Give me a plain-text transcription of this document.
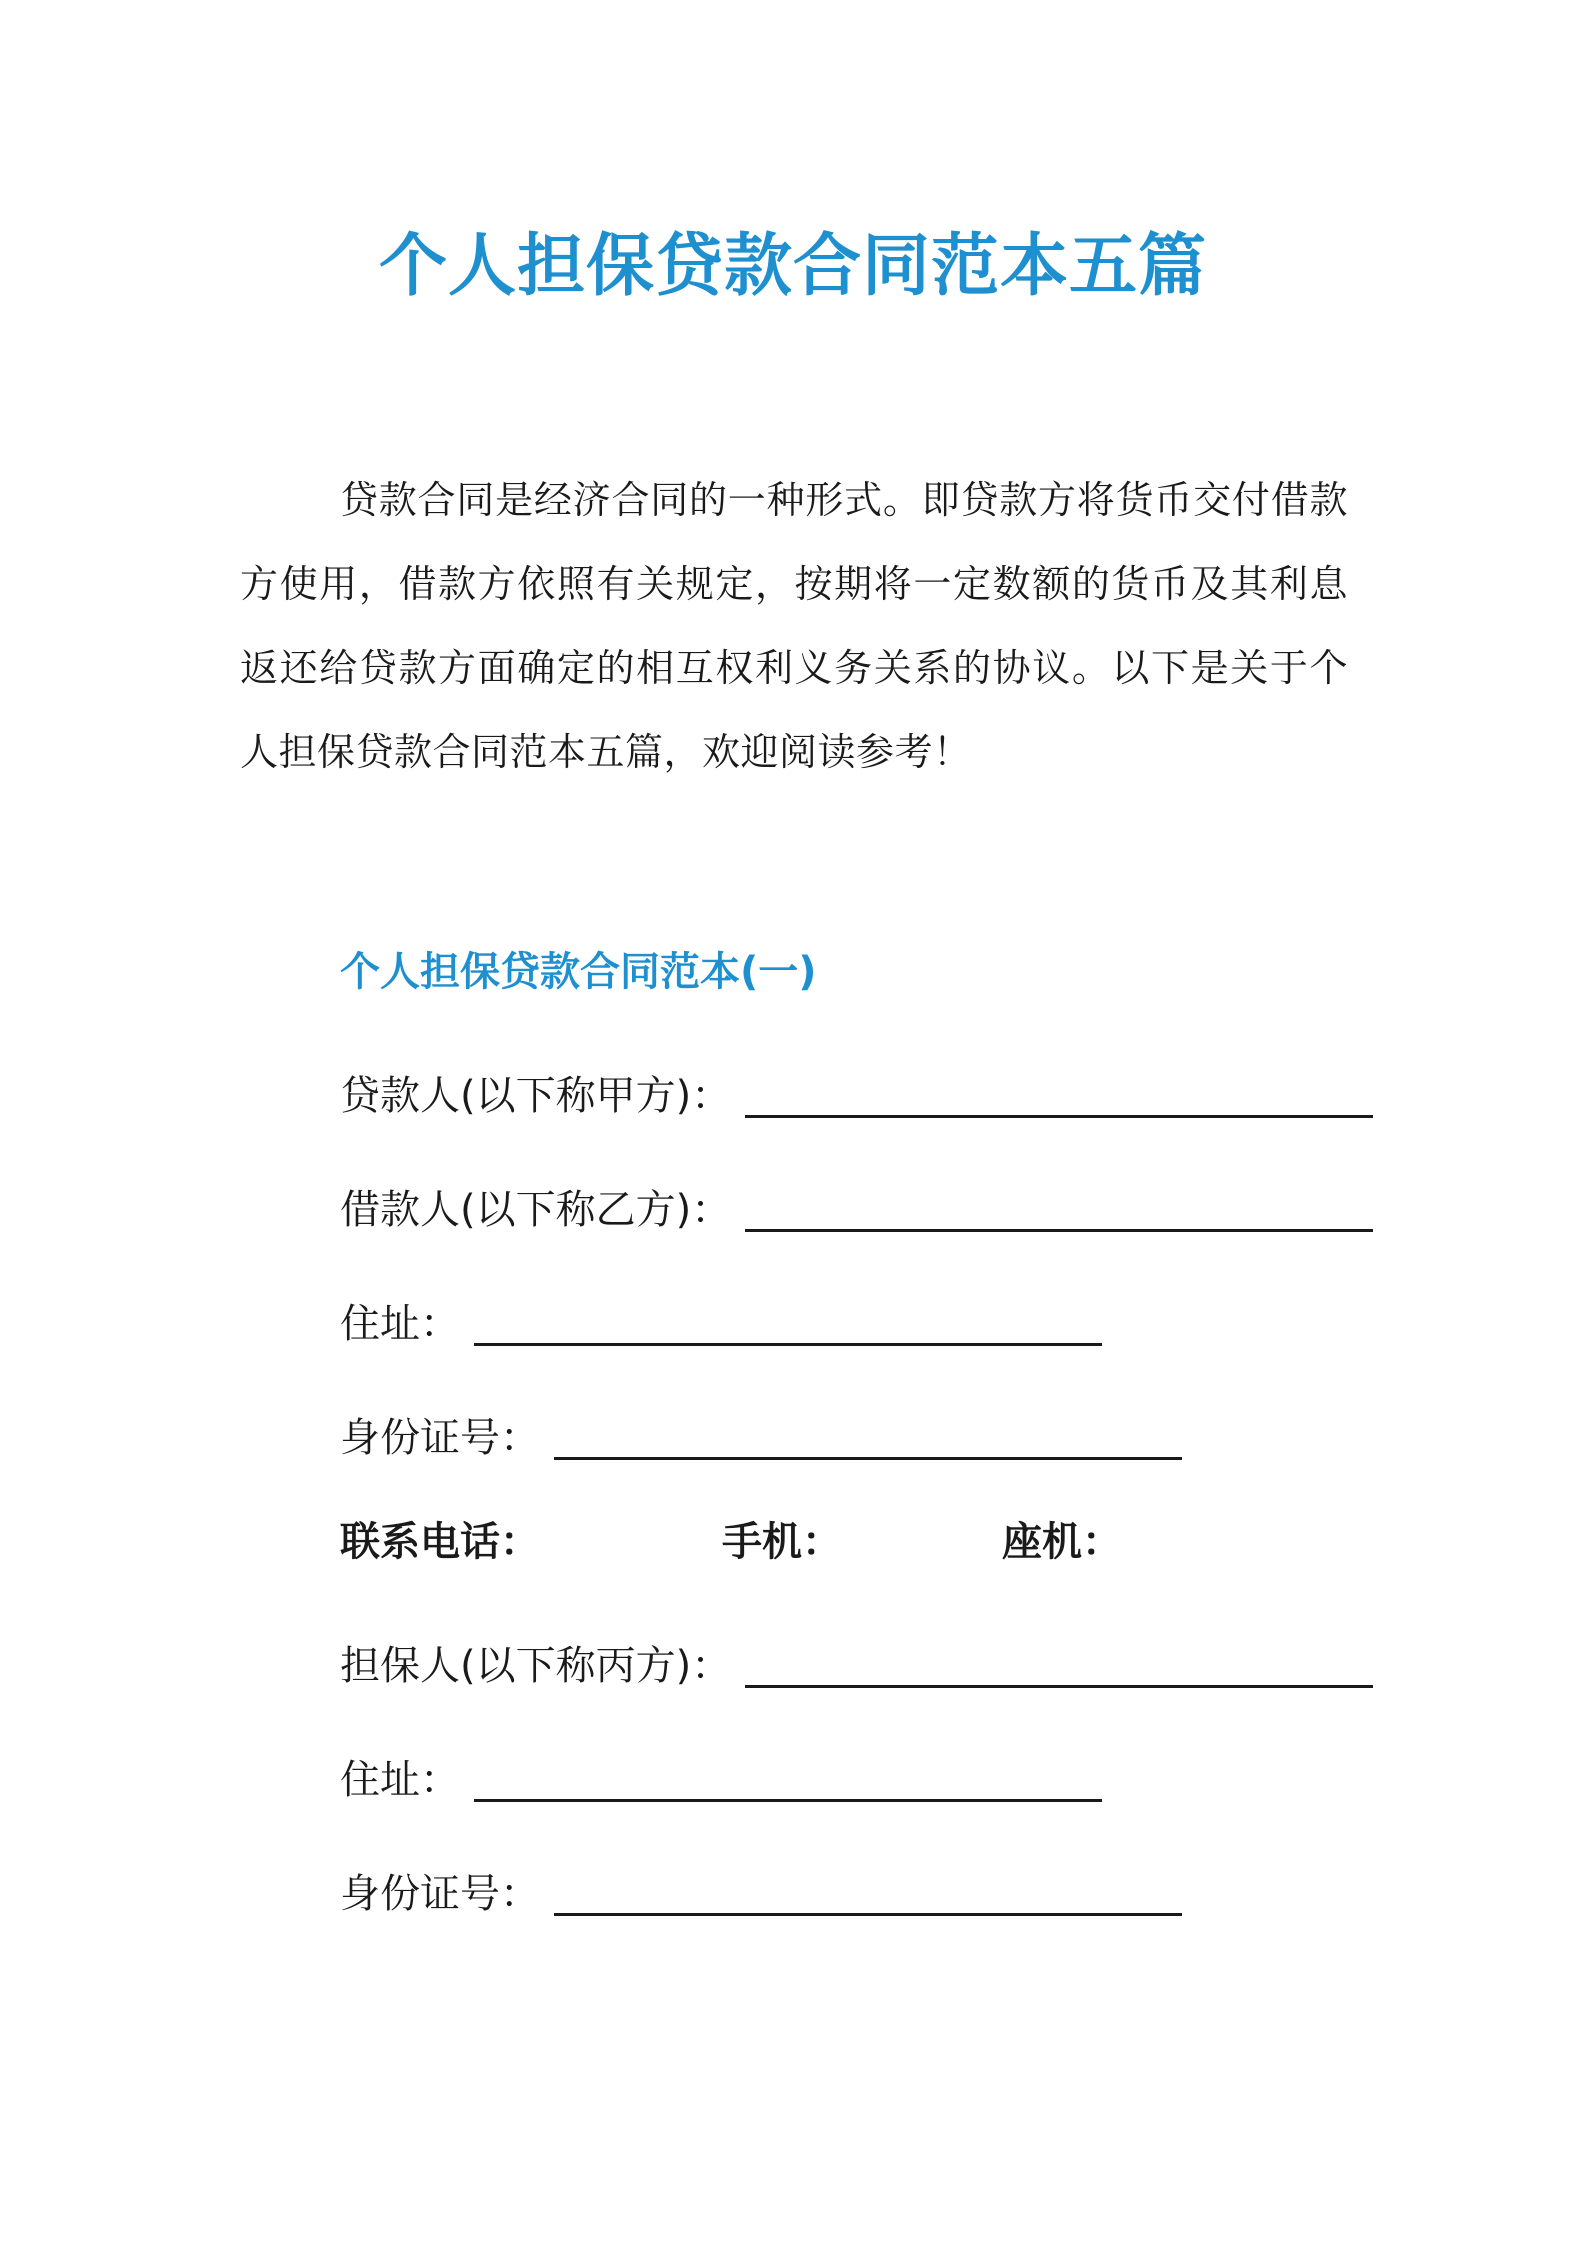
个人担保贷款合同范本五篇
贷款合同是经济合同的一种形式。即贷款方将货币交付借款方使用，借款方依照有关规定，按期将一定数额的货币及其利息返还给贷款方面确定的相互权利义务关系的协议。以下是关于个人担保贷款合同范本五篇，欢迎阅读参考！
个人担保贷款合同范本(一)
贷款人(以下称甲方)：
借款人(以下称乙方)：
住址：
身份证号：
联系电话：	手机：	座机：
担保人(以下称丙方)：
住址：
身份证号：
